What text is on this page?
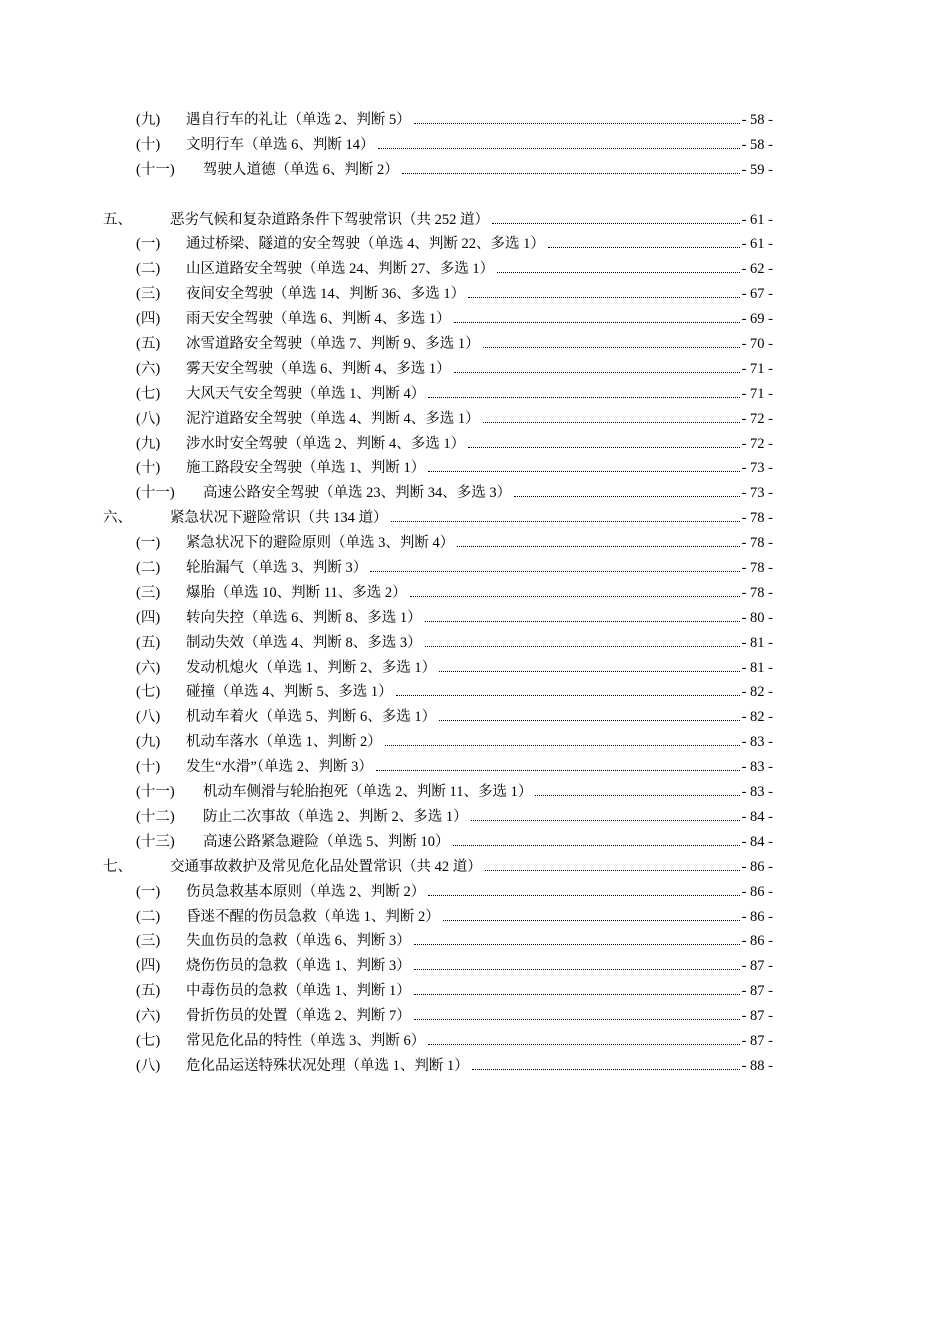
(九) 遇自行车的礼让（单选 2、判断 5）	- 58 -
(十) 文明行车（单选 6、判断 14）	- 58 -
(十一) 驾驶人道德（单选 6、判断 2）	- 59 -
五、	恶劣气候和复杂道路条件下驾驶常识（共 252 道）	- 61 -
(一) 通过桥梁、隧道的安全驾驶（单选 4、判断 22、多选 1）	- 61 -
(二) 山区道路安全驾驶（单选 24、判断 27、多选 1）	- 62 -
(三) 夜间安全驾驶（单选 14、判断 36、多选 1）	- 67 -
(四) 雨天安全驾驶（单选 6、判断 4、多选 1）	- 69 -
(五) 冰雪道路安全驾驶（单选 7、判断 9、多选 1）	- 70 -
(六) 雾天安全驾驶（单选 6、判断 4、多选 1）	- 71 -
(七) 大风天气安全驾驶（单选 1、判断 4）	- 71 -
(八) 泥泞道路安全驾驶（单选 4、判断 4、多选 1）	- 72 -
(九) 涉水时安全驾驶（单选 2、判断 4、多选 1）	- 72 -
(十) 施工路段安全驾驶（单选 1、判断 1）	- 73 -
(十一) 高速公路安全驾驶（单选 23、判断 34、多选 3）	- 73 -
六、	紧急状况下避险常识（共 134 道）	- 78 -
(一) 紧急状况下的避险原则（单选 3、判断 4）	- 78 -
(二) 轮胎漏气（单选 3、判断 3）	- 78 -
(三) 爆胎（单选 10、判断 11、多选 2）	- 78 -
(四) 转向失控（单选 6、判断 8、多选 1）	- 80 -
(五) 制动失效（单选 4、判断 8、多选 3）	- 81 -
(六) 发动机熄火（单选 1、判断 2、多选 1）	- 81 -
(七) 碰撞（单选 4、判断 5、多选 1）	- 82 -
(八) 机动车着火（单选 5、判断 6、多选 1）	- 82 -
(九) 机动车落水（单选 1、判断 2）	- 83 -
(十) 发生“水滑”（单选 2、判断 3）	- 83 -
(十一) 机动车侧滑与轮胎抱死（单选 2、判断 11、多选 1）	- 83 -
(十二) 防止二次事故（单选 2、判断 2、多选 1）	- 84 -
(十三) 高速公路紧急避险（单选 5、判断 10）	- 84 -
七、	交通事故救护及常见危化品处置常识（共 42 道）	- 86 -
(一) 伤员急救基本原则（单选 2、判断 2）	- 86 -
(二) 昏迷不醒的伤员急救（单选 1、判断 2）	- 86 -
(三) 失血伤员的急救（单选 6、判断 3）	- 86 -
(四) 烧伤伤员的急救（单选 1、判断 3）	- 87 -
(五) 中毒伤员的急救（单选 1、判断 1）	- 87 -
(六) 骨折伤员的处置（单选 2、判断 7）	- 87 -
(七) 常见危化品的特性（单选 3、判断 6）	- 87 -
(八) 危化品运送特殊状况处理（单选 1、判断 1）	- 88 -
